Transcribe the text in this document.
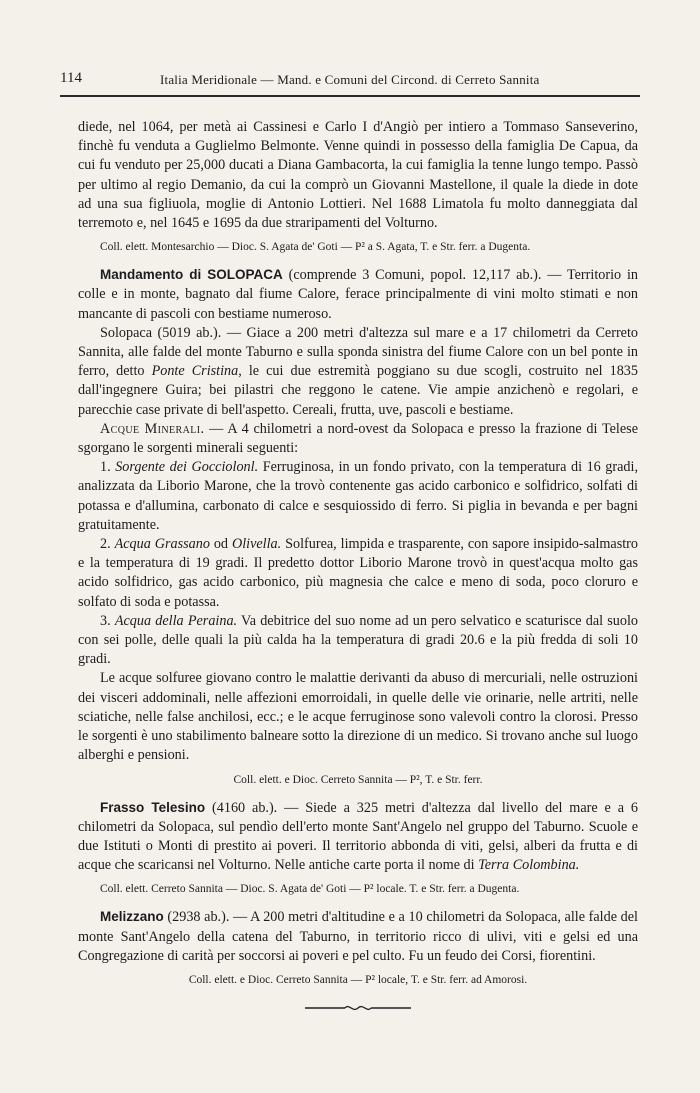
114	Italia Meridionale — Mand. e Comuni del Circond. di Cerreto Sannita

diede, nel 1064, per metà ai Cassinesi e Carlo I d'Angiò per intiero a Tommaso Sanseverino, finchè fu venduta a Guglielmo Belmonte. Venne quindi in possesso della famiglia De Capua, da cui fu venduto per 25,000 ducati a Diana Gambacorta, la cui famiglia la tenne lungo tempo. Passò per ultimo al regio Demanio, da cui la comprò un Giovanni Mastellone, il quale la diede in dote ad una sua figliuola, moglie di Antonio Lottieri. Nel 1688 Limatola fu molto danneggiata dal terremoto e, nel 1645 e 1695 da due straripamenti del Volturno.

Coll. elett. Montesarchio — Dioc. S. Agata de' Goti — P² a S. Agata, T. e Str. ferr. a Dugenta.

Mandamento di SOLOPACA (comprende 3 Comuni, popol. 12,117 ab.). — Territorio in colle e in monte, bagnato dal fiume Calore, ferace principalmente di vini molto stimati e non mancante di pascoli con bestiame numeroso.

Solopaca (5019 ab.). — Giace a 200 metri d'altezza sul mare e a 17 chilometri da Cerreto Sannita, alle falde del monte Taburno e sulla sponda sinistra del fiume Calore con un bel ponte in ferro, detto Ponte Cristina, le cui due estremità poggiano su due scogli, costruito nel 1835 dall'ingegnere Guira; bei pilastri che reggono le catene. Vie ampie anzichenò e regolari, e parecchie case private di bell'aspetto. Cereali, frutta, uve, pascoli e bestiame.

Acque Minerali. — A 4 chilometri a nord-ovest da Solopaca e presso la frazione di Telese sgorgano le sorgenti minerali seguenti:

1. Sorgente dei Gocciolonl. Ferruginosa, in un fondo privato, con la temperatura di 16 gradi, analizzata da Liborio Marone, che la trovò contenente gas acido carbonico e solfidrico, solfati di potassa e d'allumina, carbonato di calce e sesquiossido di ferro. Si piglia in bevanda e per bagni gratuitamente.

2. Acqua Grassano od Olivella. Solfurea, limpida e trasparente, con sapore insipido-salmastro e la temperatura di 19 gradi. Il predetto dottor Liborio Marone trovò in quest'acqua molto gas acido solfidrico, gas acido carbonico, più magnesia che calce e meno di soda, poco cloruro e solfato di soda e potassa.

3. Acqua della Peraina. Va debitrice del suo nome ad un pero selvatico e scaturisce dal suolo con sei polle, delle quali la più calda ha la temperatura di gradi 20.6 e la più fredda di soli 10 gradi.

Le acque solfuree giovano contro le malattie derivanti da abuso di mercuriali, nelle ostruzioni dei visceri addominali, nelle affezioni emorroidali, in quelle delle vie orinarie, nelle artriti, nelle sciatiche, nelle false anchilosi, ecc.; e le acque ferruginose sono valevoli contro la clorosi. Presso le sorgenti è uno stabilimento balneare sotto la direzione di un medico. Si trovano anche sul luogo alberghi e pensioni.

Coll. elett. e Dioc. Cerreto Sannita — P², T. e Str. ferr.

Frasso Telesino (4160 ab.). — Siede a 325 metri d'altezza dal livello del mare e a 6 chilometri da Solopaca, sul pendìo dell'erto monte Sant'Angelo nel gruppo del Taburno. Scuole e due Istituti o Monti di prestito ai poveri. Il territorio abbonda di viti, gelsi, alberi da frutta e di acque che scaricansi nel Volturno. Nelle antiche carte porta il nome di Terra Colombina.

Coll. elett. Cerreto Sannita — Dioc. S. Agata de' Goti — P² locale. T. e Str. ferr. a Dugenta.

Melizzano (2938 ab.). — A 200 metri d'altitudine e a 10 chilometri da Solopaca, alle falde del monte Sant'Angelo della catena del Taburno, in territorio ricco di ulivi, viti e gelsi ed una Congregazione di carità per soccorsi ai poveri e pel culto. Fu un feudo dei Corsi, fiorentini.

Coll. elett. e Dioc. Cerreto Sannita — P² locale, T. e Str. ferr. ad Amorosi.
